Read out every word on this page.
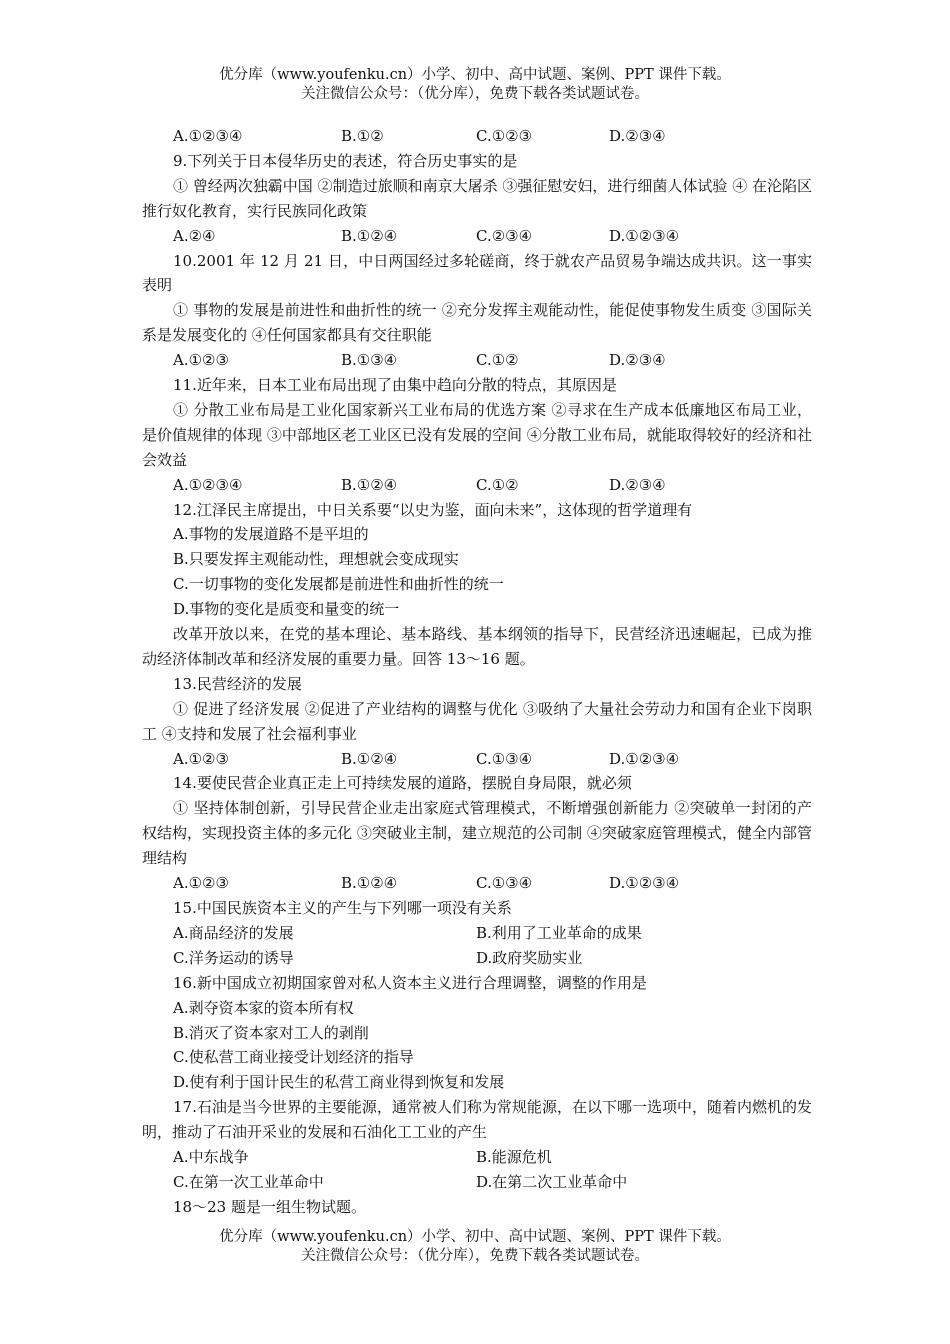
优分库（www.youfenku.cn）小学、初中、高中试题、案例、PPT 课件下载。
关注微信公众号：（优分库），免费下载各类试题试卷。
A.①②③④	B.①②	C.①②③	D.②③④

9.下列关于日本侵华历史的表述，符合历史事实的是

① 曾经两次独霸中国 ②制造过旅顺和南京大屠杀 ③强征慰安妇，进行细菌人体试验 ④ 在沦陷区推行奴化教育，实行民族同化政策

A.②④	B.①②④	C.②③④	D.①②③④

10.2001 年 12 月 21 日，中日两国经过多轮磋商，终于就农产品贸易争端达成共识。这一事实表明

① 事物的发展是前进性和曲折性的统一 ②充分发挥主观能动性，能促使事物发生质变 ③国际关系是发展变化的 ④任何国家都具有交往职能

A.①②③	B.①③④	C.①②	D.②③④

11.近年来，日本工业布局出现了由集中趋向分散的特点，其原因是

① 分散工业布局是工业化国家新兴工业布局的优选方案 ②寻求在生产成本低廉地区布局工业，是价值规律的体现 ③中部地区老工业区已没有发展的空间 ④分散工业布局，就能取得较好的经济和社会效益

A.①②③④	B.①②④	C.①②	D.②③④

12.江泽民主席提出，中日关系要“以史为鉴，面向未来”，这体现的哲学道理有

A.事物的发展道路不是平坦的

B.只要发挥主观能动性，理想就会变成现实

C.一切事物的变化发展都是前进性和曲折性的统一

D.事物的变化是质变和量变的统一

改革开放以来，在党的基本理论、基本路线、基本纲领的指导下，民营经济迅速崛起，已成为推动经济体制改革和经济发展的重要力量。回答 13～16 题。

13.民营经济的发展

① 促进了经济发展 ②促进了产业结构的调整与优化 ③吸纳了大量社会劳动力和国有企业下岗职工 ④支持和发展了社会福利事业

A.①②③	B.①②④	C.①③④	D.①②③④

14.要使民营企业真正走上可持续发展的道路，摆脱自身局限，就必须

① 坚持体制创新，引导民营企业走出家庭式管理模式，不断增强创新能力 ②突破单一封闭的产权结构，实现投资主体的多元化 ③突破业主制，建立规范的公司制 ④突破家庭管理模式，健全内部管理结构

A.①②③	B.①②④	C.①③④	D.①②③④

15.中国民族资本主义的产生与下列哪一项没有关系

A.商品经济的发展	B.利用了工业革命的成果
C.洋务运动的诱导	D.政府奖励实业

16.新中国成立初期国家曾对私人资本主义进行合理调整，调整的作用是

A.剥夺资本家的资本所有权

B.消灭了资本家对工人的剥削

C.使私营工商业接受计划经济的指导

D.使有利于国计民生的私营工商业得到恢复和发展

17.石油是当今世界的主要能源，通常被人们称为常规能源，在以下哪一选项中，随着内燃机的发明，推动了石油开采业的发展和石油化工工业的产生

A.中东战争	B.能源危机
C.在第一次工业革命中	D.在第二次工业革命中

18～23 题是一组生物试题。

优分库（www.youfenku.cn）小学、初中、高中试题、案例、PPT 课件下载。
关注微信公众号：（优分库），免费下载各类试题试卷。
